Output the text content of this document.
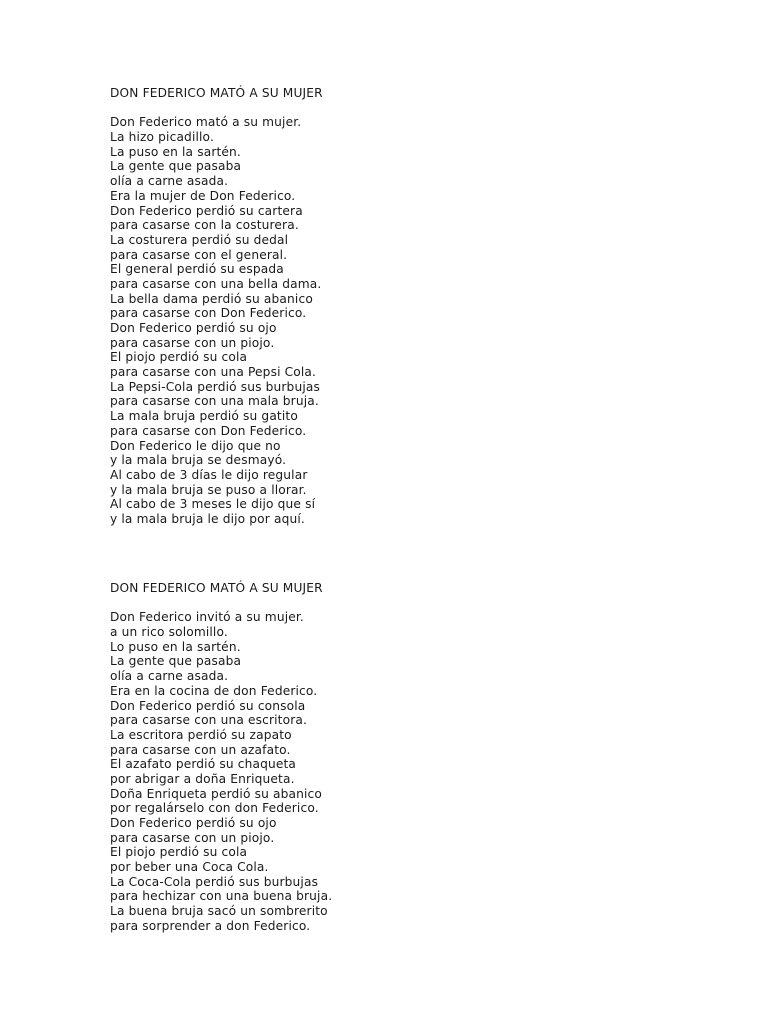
DON FEDERICO MATÓ A SU MUJER
Don Federico mató a su mujer.
La hizo picadillo.
La puso en la sartén.
La gente que pasaba
olía a carne asada.
Era la mujer de Don Federico.
Don Federico perdió su cartera
para casarse con la costurera.
La costurera perdió su dedal
para casarse con el general.
El general perdió su espada
para casarse con una bella dama.
La bella dama perdió su abanico
para casarse con Don Federico.
Don Federico perdió su ojo
para casarse con un piojo.
El piojo perdió su cola
para casarse con una Pepsi Cola.
La Pepsi-Cola perdió sus burbujas
para casarse con una mala bruja.
La mala bruja perdió su gatito
para casarse con Don Federico.
Don Federico le dijo que no
y la mala bruja se desmayó.
Al cabo de 3 días le dijo regular
y la mala bruja se puso a llorar.
Al cabo de 3 meses le dijo que sí
y la mala bruja le dijo por aquí.
DON FEDERICO MATÓ A SU MUJER
Don Federico invitó a su mujer.
a un rico solomillo.
Lo puso en la sartén.
La gente que pasaba
olía a carne asada.
Era en la cocina de don Federico.
Don Federico perdió su consola
para casarse con una escritora.
La escritora perdió su zapato
para casarse con un azafato.
El azafato perdió su chaqueta
por abrigar a doña Enriqueta.
Doña Enriqueta perdió su abanico
por regalárselo con don Federico.
Don Federico perdió su ojo
para casarse con un piojo.
El piojo perdió su cola
por beber una Coca Cola.
La Coca-Cola perdió sus burbujas
para hechizar con una buena bruja.
La buena bruja sacó un sombrerito
para sorprender a don Federico.
